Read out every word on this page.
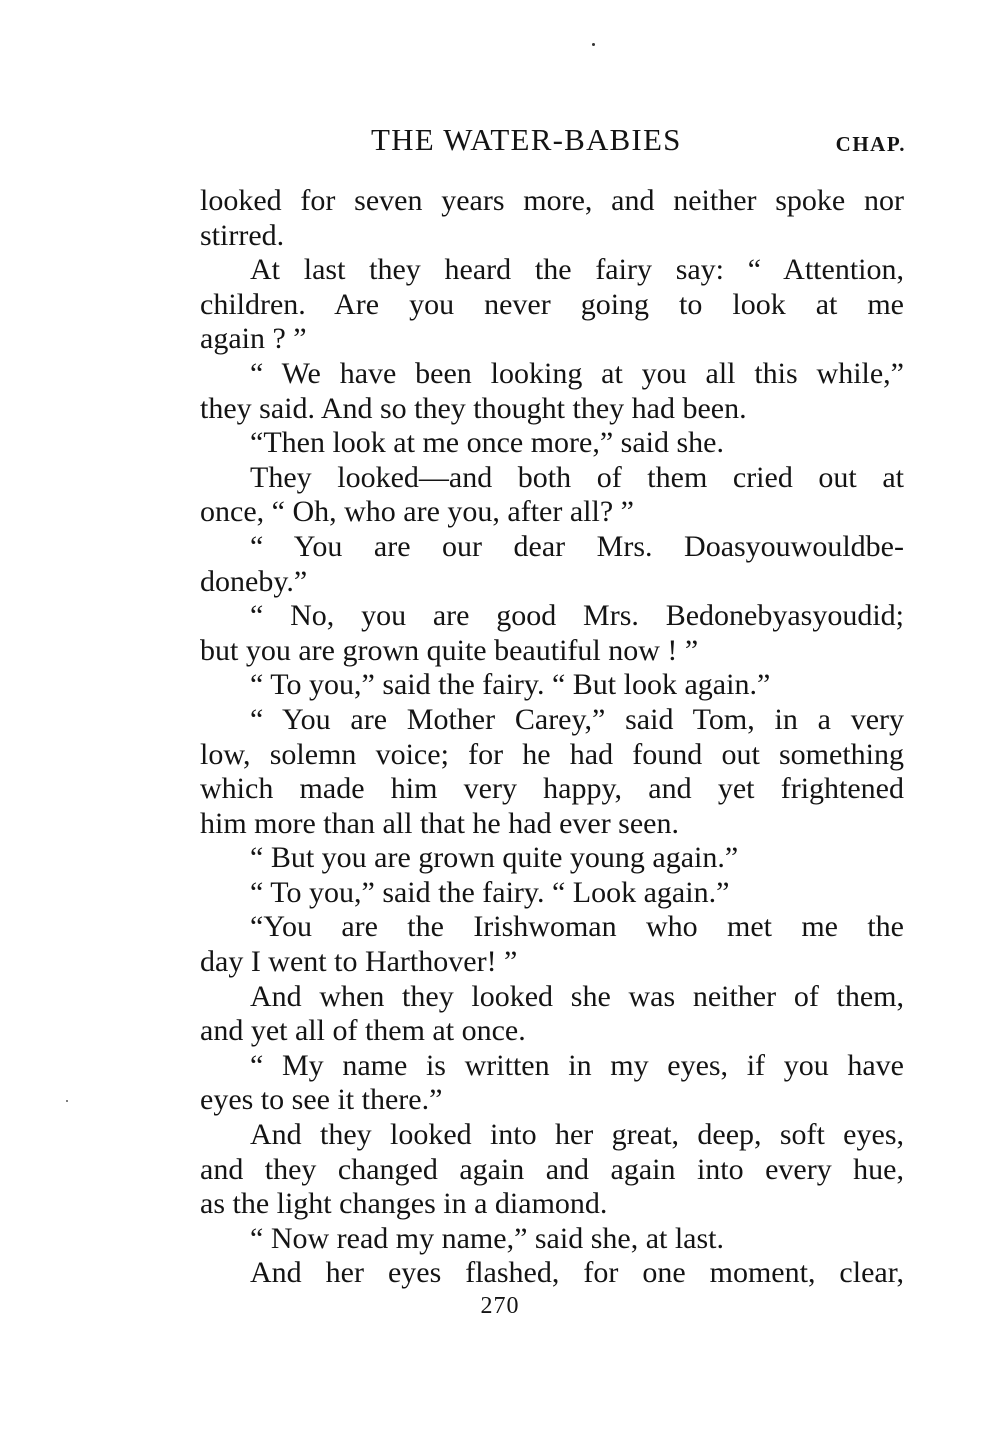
THE WATER-BABIES	CHAP.
looked for seven years more, and neither spoke nor
stirred.
At last they heard the fairy say: “ Attention,
children. Are you never going to look at me
again ? ”
“ We have been looking at you all this while,”
they said. And so they thought they had been.
“Then look at me once more,” said she.
They looked—and both of them cried out at
once, “ Oh, who are you, after all? ”
“ You are our dear Mrs. Doasyouwouldbe-
doneby.”
“ No, you are good Mrs. Bedonebyasyoudid;
but you are grown quite beautiful now ! ”
“ To you,” said the fairy. “ But look again.”
“ You are Mother Carey,” said Tom, in a very
low, solemn voice; for he had found out something
which made him very happy, and yet frightened
him more than all that he had ever seen.
“ But you are grown quite young again.”
“ To you,” said the fairy. “ Look again.”
“You are the Irishwoman who met me the
day I went to Harthover! ”
And when they looked she was neither of them,
and yet all of them at once.
“ My name is written in my eyes, if you have
eyes to see it there.”
And they looked into her great, deep, soft eyes,
and they changed again and again into every hue,
as the light changes in a diamond.
“ Now read my name,” said she, at last.
And her eyes flashed, for one moment, clear,
270
